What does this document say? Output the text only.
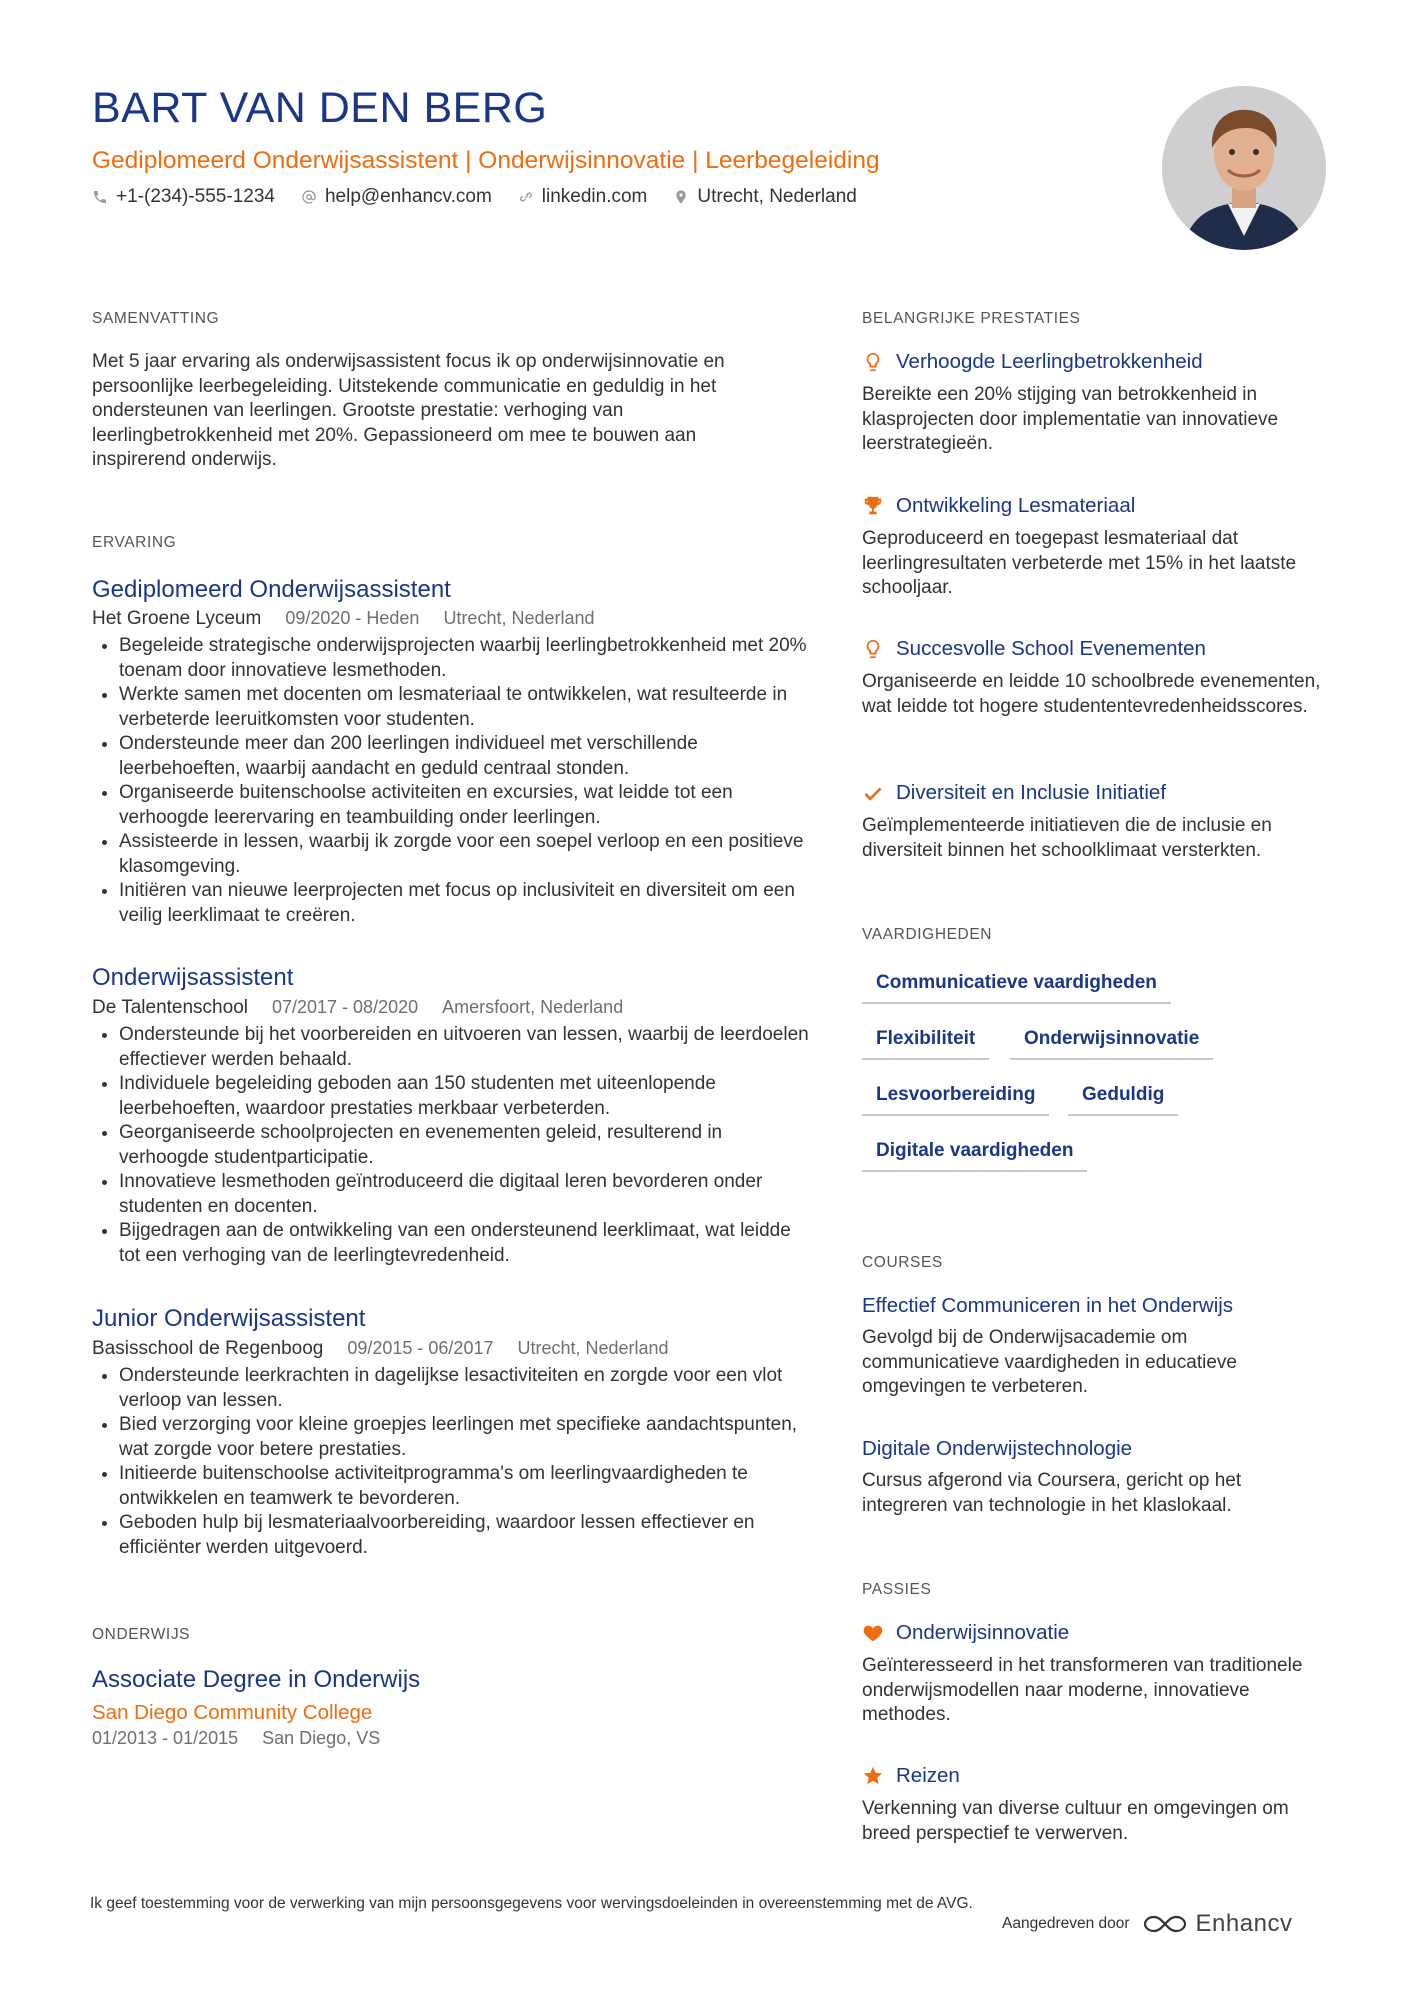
BART VAN DEN BERG
Gediplomeerd Onderwijsassistent | Onderwijsinnovatie | Leerbegeleiding
+1-(234)-555-1234	help@enhancv.com	linkedin.com	Utrecht, Nederland
SAMENVATTING
Met 5 jaar ervaring als onderwijsassistent focus ik op onderwijsinnovatie en persoonlijke leerbegeleiding. Uitstekende communicatie en geduldig in het ondersteunen van leerlingen. Grootste prestatie: verhoging van leerlingbetrokkenheid met 20%. Gepassioneerd om mee te bouwen aan inspirerend onderwijs.
ERVARING
Gediplomeerd Onderwijsassistent
Het Groene Lyceum 09/2020 - Heden Utrecht, Nederland
• Begeleide strategische onderwijsprojecten waarbij leerlingbetrokkenheid met 20% toenam door innovatieve lesmethoden.
• Werkte samen met docenten om lesmateriaal te ontwikkelen, wat resulteerde in verbeterde leeruitkomsten voor studenten.
• Ondersteunde meer dan 200 leerlingen individueel met verschillende leerbehoeften, waarbij aandacht en geduld centraal stonden.
• Organiseerde buitenschoolse activiteiten en excursies, wat leidde tot een verhoogde leerervaring en teambuilding onder leerlingen.
• Assisteerde in lessen, waarbij ik zorgde voor een soepel verloop en een positieve klasomgeving.
• Initiëren van nieuwe leerprojecten met focus op inclusiviteit en diversiteit om een veilig leerklimaat te creëren.
Onderwijsassistent
De Talentenschool 07/2017 - 08/2020 Amersfoort, Nederland
• Ondersteunde bij het voorbereiden en uitvoeren van lessen, waarbij de leerdoelen effectiever werden behaald.
• Individuele begeleiding geboden aan 150 studenten met uiteenlopende leerbehoeften, waardoor prestaties merkbaar verbeterden.
• Georganiseerde schoolprojecten en evenementen geleid, resulterend in verhoogde studentparticipatie.
• Innovatieve lesmethoden geïntroduceerd die digitaal leren bevorderen onder studenten en docenten.
• Bijgedragen aan de ontwikkeling van een ondersteunend leerklimaat, wat leidde tot een verhoging van de leerlingtevredenheid.
Junior Onderwijsassistent
Basisschool de Regenboog 09/2015 - 06/2017 Utrecht, Nederland
• Ondersteunde leerkrachten in dagelijkse lesactiviteiten en zorgde voor een vlot verloop van lessen.
• Bied verzorging voor kleine groepjes leerlingen met specifieke aandachtspunten, wat zorgde voor betere prestaties.
• Initieerde buitenschoolse activiteitprogramma's om leerlingvaardigheden te ontwikkelen en teamwerk te bevorderen.
• Geboden hulp bij lesmateriaalvoorbereiding, waardoor lessen effectiever en efficiënter werden uitgevoerd.
ONDERWIJS
Associate Degree in Onderwijs
San Diego Community College
01/2013 - 01/2015 San Diego, VS
BELANGRIJKE PRESTATIES
Verhoogde Leerlingbetrokkenheid
Bereikte een 20% stijging van betrokkenheid in klasprojecten door implementatie van innovatieve leerstrategieën.
Ontwikkeling Lesmateriaal
Geproduceerd en toegepast lesmateriaal dat leerlingresultaten verbeterde met 15% in het laatste schooljaar.
Succesvolle School Evenementen
Organiseerde en leidde 10 schoolbrede evenementen, wat leidde tot hogere studententevredenheidsscores.
Diversiteit en Inclusie Initiatief
Geïmplementeerde initiatieven die de inclusie en diversiteit binnen het schoolklimaat versterkten.
VAARDIGHEDEN
Communicatieve vaardigheden
Flexibiliteit	Onderwijsinnovatie
Lesvoorbereiding	Geduldig
Digitale vaardigheden
COURSES
Effectief Communiceren in het Onderwijs
Gevolgd bij de Onderwijsacademie om communicatieve vaardigheden in educatieve omgevingen te verbeteren.
Digitale Onderwijstechnologie
Cursus afgerond via Coursera, gericht op het integreren van technologie in het klaslokaal.
PASSIES
Onderwijsinnovatie
Geïnteresseerd in het transformeren van traditionele onderwijsmodellen naar moderne, innovatieve methodes.
Reizen
Verkenning van diverse cultuur en omgevingen om breed perspectief te verwerven.
Ik geef toestemming voor de verwerking van mijn persoonsgegevens voor wervingsdoeleinden in overeenstemming met de AVG.
Aangedreven door	Enhancv
